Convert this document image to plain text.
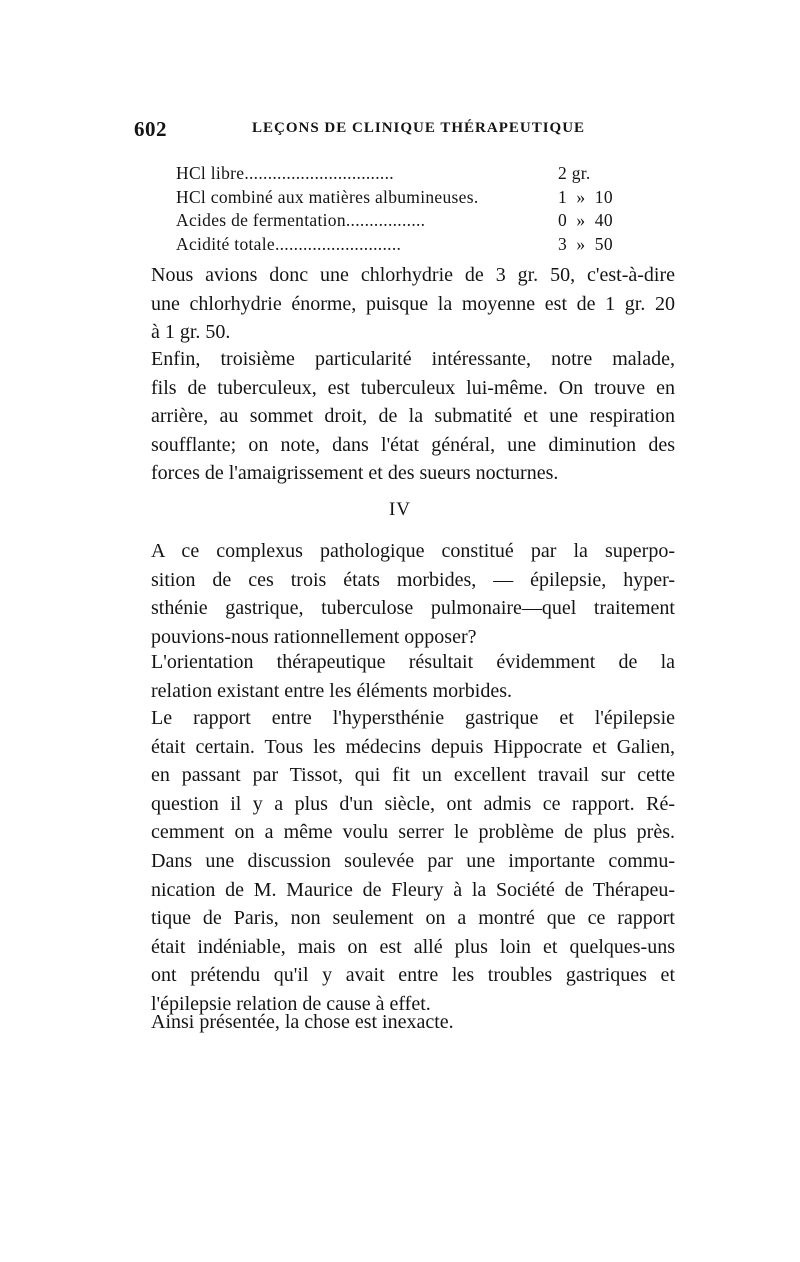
602	LEÇONS DE CLINIQUE THÉRAPEUTIQUE
HCl libre................................	2 gr.
HCl combiné aux matières albumineuses.	1  »  10
Acides de fermentation.................	0  »  40
Acidité totale...........................	3  »  50

Nous avions donc une chlorhydrie de 3 gr. 50, c'est-à-dire
une chlorhydrie énorme, puisque la moyenne est de 1 gr. 20
à 1 gr. 50.

Enfin, troisième particularité intéressante, notre malade,
fils de tuberculeux, est tuberculeux lui-même. On trouve en
arrière, au sommet droit, de la submatité et une respiration
soufflante; on note, dans l'état général, une diminution des
forces de l'amaigrissement et des sueurs nocturnes.

IV

A ce complexus pathologique constitué par la superpo-
sition de ces trois états morbides, — épilepsie, hyper-
sthénie gastrique, tuberculose pulmonaire—quel traitement
pouvions-nous rationnellement opposer?

L'orientation thérapeutique résultait évidemment de la
relation existant entre les éléments morbides.

Le rapport entre l'hypersthénie gastrique et l'épilepsie
était certain. Tous les médecins depuis Hippocrate et Galien,
en passant par Tissot, qui fit un excellent travail sur cette
question il y a plus d'un siècle, ont admis ce rapport. Ré-
cemment on a même voulu serrer le problème de plus près.
Dans une discussion soulevée par une importante commu-
nication de M. Maurice de Fleury à la Société de Thérapeu-
tique de Paris, non seulement on a montré que ce rapport
était indéniable, mais on est allé plus loin et quelques-uns
ont prétendu qu'il y avait entre les troubles gastriques et
l'épilepsie relation de cause à effet.

Ainsi présentée, la chose est inexacte.
